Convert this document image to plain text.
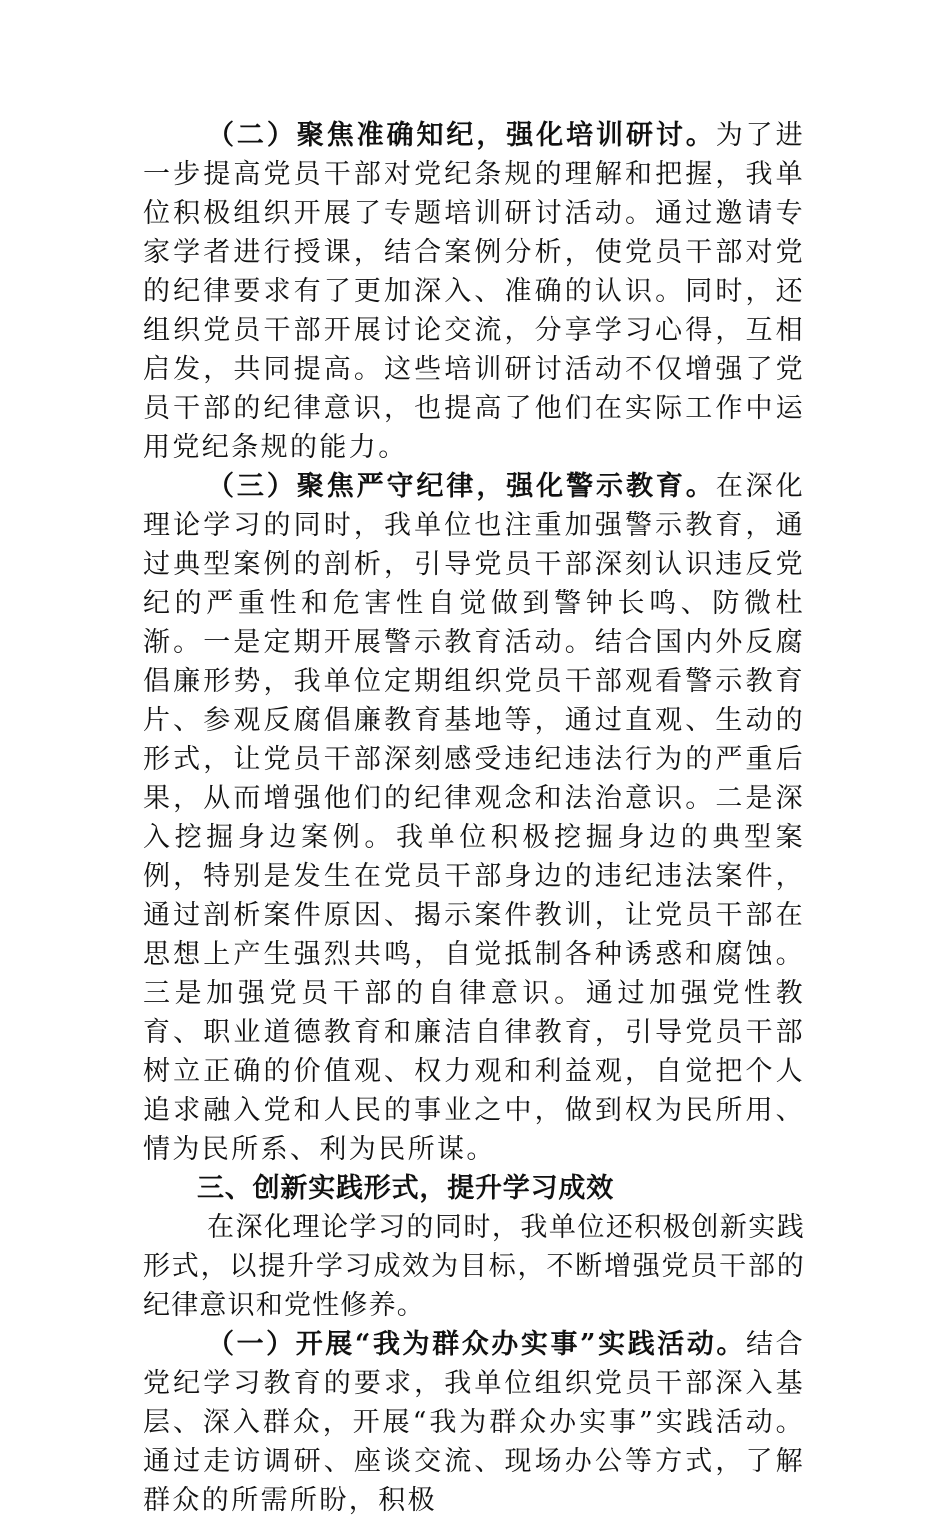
（二）聚焦准确知纪，强化培训研讨。为了进一步提高党员干部对党纪条规的理解和把握，我单位积极组织开展了专题培训研讨活动。通过邀请专家学者进行授课，结合案例分析，使党员干部对党的纪律要求有了更加深入、准确的认识。同时，还组织党员干部开展讨论交流，分享学习心得，互相启发，共同提高。这些培训研讨活动不仅增强了党员干部的纪律意识，也提高了他们在实际工作中运用党纪条规的能力。

（三）聚焦严守纪律，强化警示教育。在深化理论学习的同时，我单位也注重加强警示教育，通过典型案例的剖析，引导党员干部深刻认识违反党纪的严重性和危害性自觉做到警钟长鸣、防微杜渐。一是定期开展警示教育活动。结合国内外反腐倡廉形势，我单位定期组织党员干部观看警示教育片、参观反腐倡廉教育基地等，通过直观、生动的形式，让党员干部深刻感受违纪违法行为的严重后果，从而增强他们的纪律观念和法治意识。二是深入挖掘身边案例。我单位积极挖掘身边的典型案例，特别是发生在党员干部身边的违纪违法案件，通过剖析案件原因、揭示案件教训，让党员干部在思想上产生强烈共鸣，自觉抵制各种诱惑和腐蚀。三是加强党员干部的自律意识。通过加强党性教育、职业道德教育和廉洁自律教育，引导党员干部树立正确的价值观、权力观和利益观，自觉把个人追求融入党和人民的事业之中，做到权为民所用、情为民所系、利为民所谋。

三、创新实践形式，提升学习成效

在深化理论学习的同时，我单位还积极创新实践形式，以提升学习成效为目标，不断增强党员干部的纪律意识和党性修养。

（一）开展“我为群众办实事”实践活动。结合党纪学习教育的要求，我单位组织党员干部深入基层、深入群众，开展“我为群众办实事”实践活动。通过走访调研、座谈交流、现场办公等方式，了解群众的所需所盼，积极
